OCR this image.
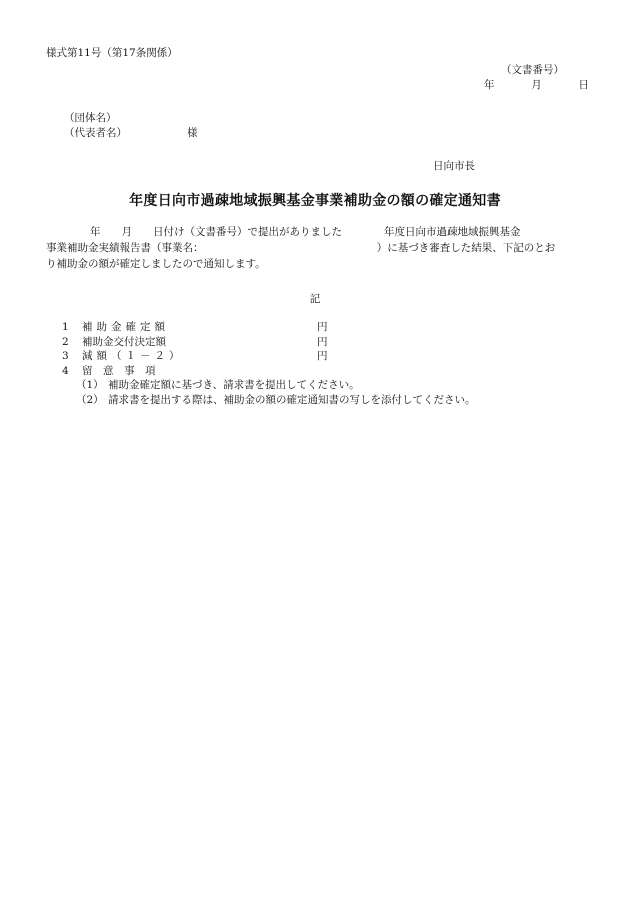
様式第11号（第17条関係）
（文書番号）
年	月	日
（団体名）
（代表者名）	様
日向市長
年度日向市過疎地域振興基金事業補助金の額の確定通知書
年　　月　　日付け（文書番号）で提出がありました　　　　年度日向市過疎地域振興基金
事業補助金実績報告書（事業名：　　　　　　　　　　　　　　　　　）に基づき審査した結果、下記のとお
り補助金の額が確定しましたので通知します。
記
1 補助金確定額	円
2 補助金交付決定額	円
3 減額（１－２）	円
4 留　意　事　項
（1） 補助金確定額に基づき、請求書を提出してください。
（2） 請求書を提出する際は、補助金の額の確定通知書の写しを添付してください。
